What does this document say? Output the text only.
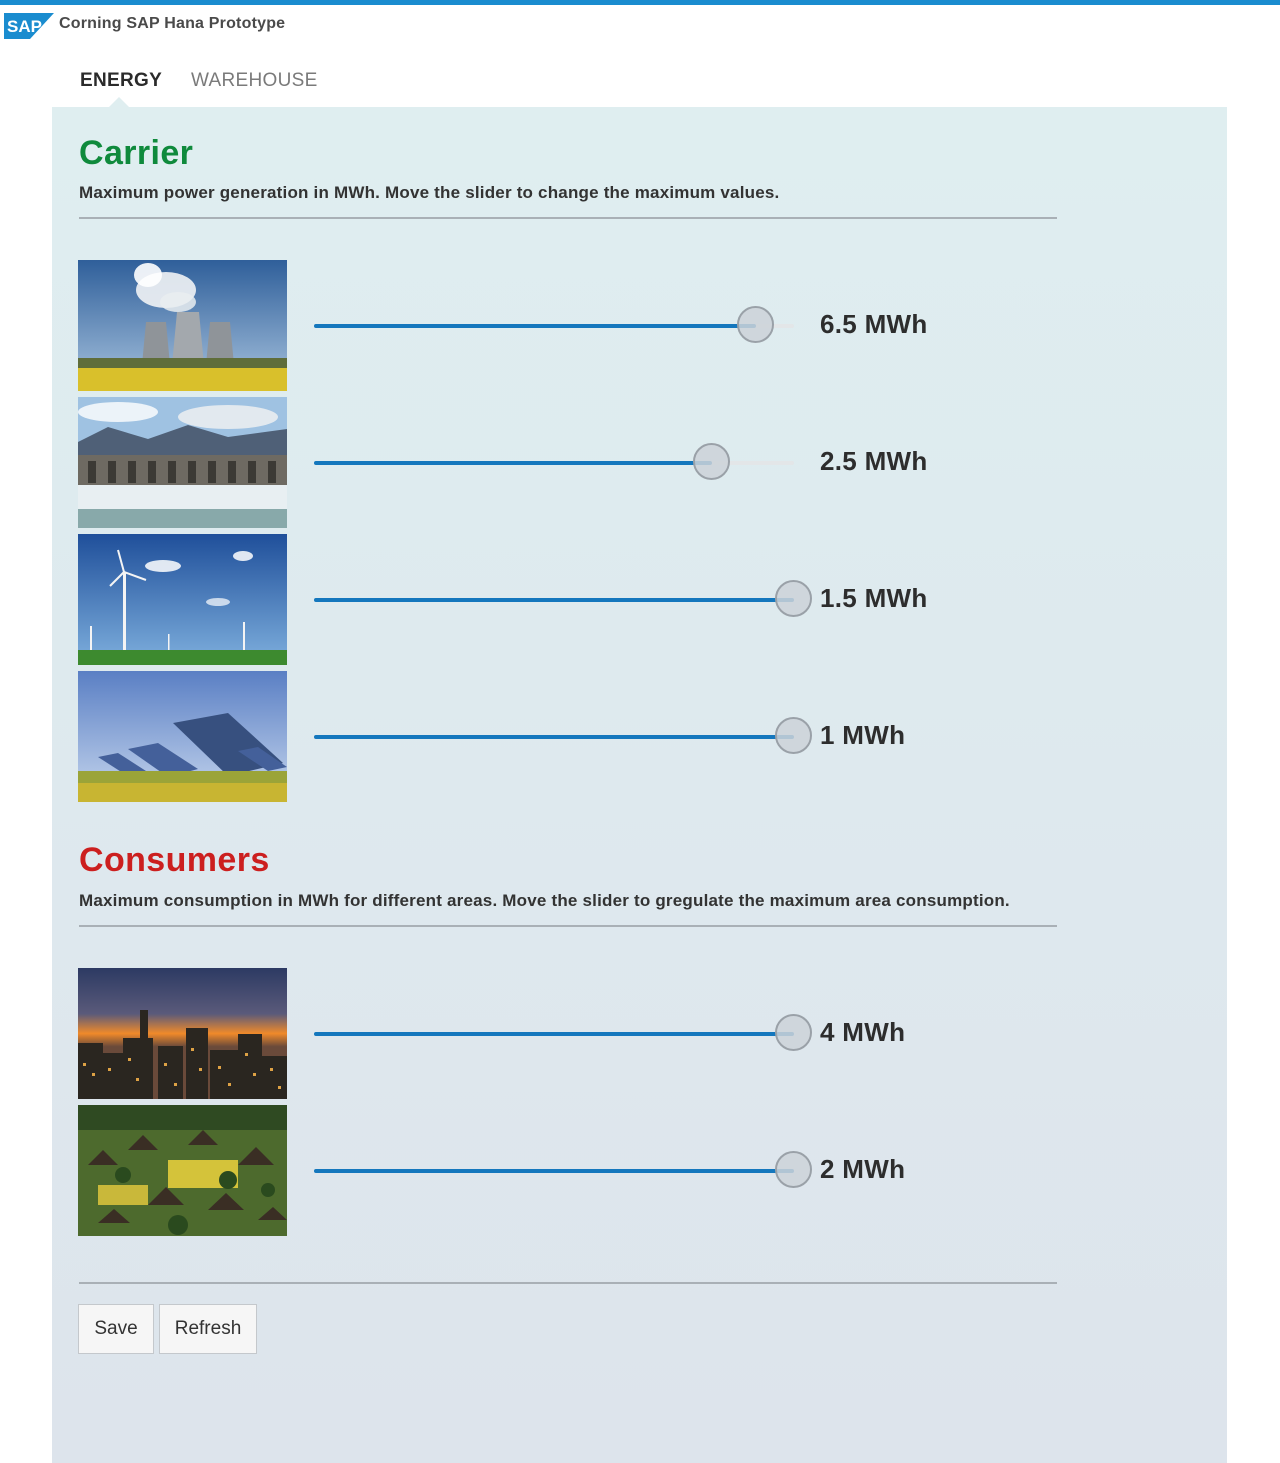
SAP Corning SAP Hana Prototype
ENERGY WAREHOUSE
Carrier
Maximum power generation in MWh. Move the slider to change the maximum values.
6.5 MWh
2.5 MWh
1.5 MWh
1 MWh
Consumers
Maximum consumption in MWh for different areas. Move the slider to gregulate the maximum area consumption.
4 MWh
2 MWh
Save	Refresh
